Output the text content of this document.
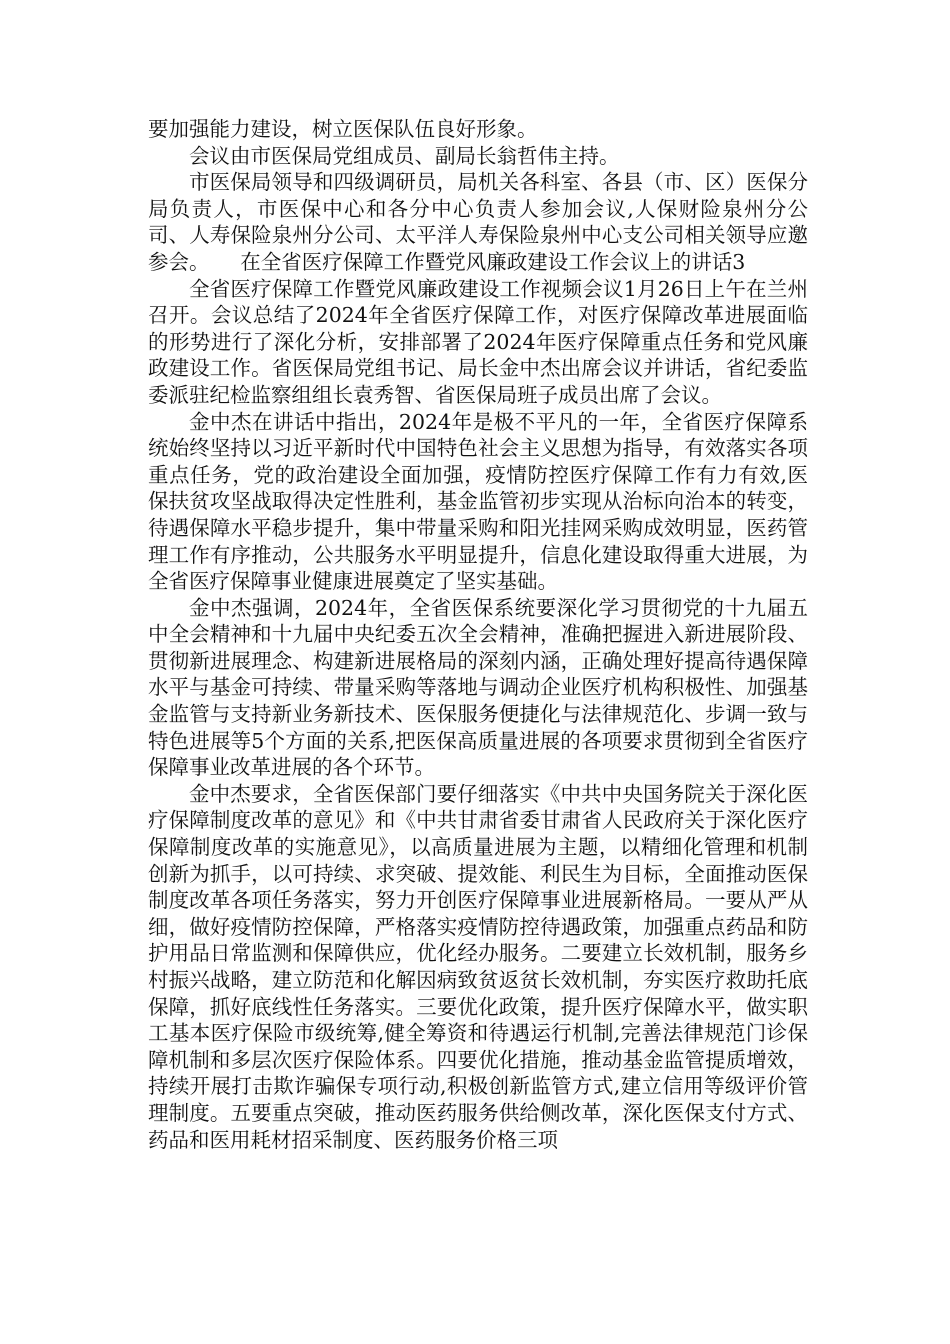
要加强能力建设，树立医保队伍良好形象。

会议由市医保局党组成员、副局长翁哲伟主持。

市医保局领导和四级调研员，局机关各科室、各县（市、区）医保分局负责人，市医保中心和各分中心负责人参加会议,人保财险泉州分公司、人寿保险泉州分公司、太平洋人寿保险泉州中心支公司相关领导应邀参会。　　在全省医疗保障工作暨党风廉政建设工作会议上的讲话3

全省医疗保障工作暨党风廉政建设工作视频会议1月26日上午在兰州召开。会议总结了2024年全省医疗保障工作，对医疗保障改革进展面临的形势进行了深化分析，安排部署了2024年医疗保障重点任务和党风廉政建设工作。省医保局党组书记、局长金中杰出席会议并讲话，省纪委监委派驻纪检监察组组长袁秀智、省医保局班子成员出席了会议。

金中杰在讲话中指出，2024年是极不平凡的一年，全省医疗保障系统始终坚持以习近平新时代中国特色社会主义思想为指导，有效落实各项重点任务，党的政治建设全面加强，疫情防控医疗保障工作有力有效,医保扶贫攻坚战取得决定性胜利，基金监管初步实现从治标向治本的转变，待遇保障水平稳步提升，集中带量采购和阳光挂网采购成效明显，医药管理工作有序推动，公共服务水平明显提升，信息化建设取得重大进展，为全省医疗保障事业健康进展奠定了坚实基础。

金中杰强调，2024年，全省医保系统要深化学习贯彻党的十九届五中全会精神和十九届中央纪委五次全会精神，准确把握进入新进展阶段、贯彻新进展理念、构建新进展格局的深刻内涵，正确处理好提高待遇保障水平与基金可持续、带量采购等落地与调动企业医疗机构积极性、加强基金监管与支持新业务新技术、医保服务便捷化与法律规范化、步调一致与特色进展等5个方面的关系,把医保高质量进展的各项要求贯彻到全省医疗保障事业改革进展的各个环节。

金中杰要求，全省医保部门要仔细落实《中共中央国务院关于深化医疗保障制度改革的意见》和《中共甘肃省委甘肃省人民政府关于深化医疗保障制度改革的实施意见》，以高质量进展为主题，以精细化管理和机制创新为抓手，以可持续、求突破、提效能、利民生为目标，全面推动医保制度改革各项任务落实，努力开创医疗保障事业进展新格局。一要从严从细，做好疫情防控保障，严格落实疫情防控待遇政策，加强重点药品和防护用品日常监测和保障供应，优化经办服务。二要建立长效机制，服务乡村振兴战略，建立防范和化解因病致贫返贫长效机制，夯实医疗救助托底保障，抓好底线性任务落实。三要优化政策，提升医疗保障水平，做实职工基本医疗保险市级统筹,健全筹资和待遇运行机制,完善法律规范门诊保障机制和多层次医疗保险体系。四要优化措施，推动基金监管提质增效，持续开展打击欺诈骗保专项行动,积极创新监管方式,建立信用等级评价管理制度。五要重点突破，推动医药服务供给侧改革，深化医保支付方式、药品和医用耗材招采制度、医药服务价格三项
